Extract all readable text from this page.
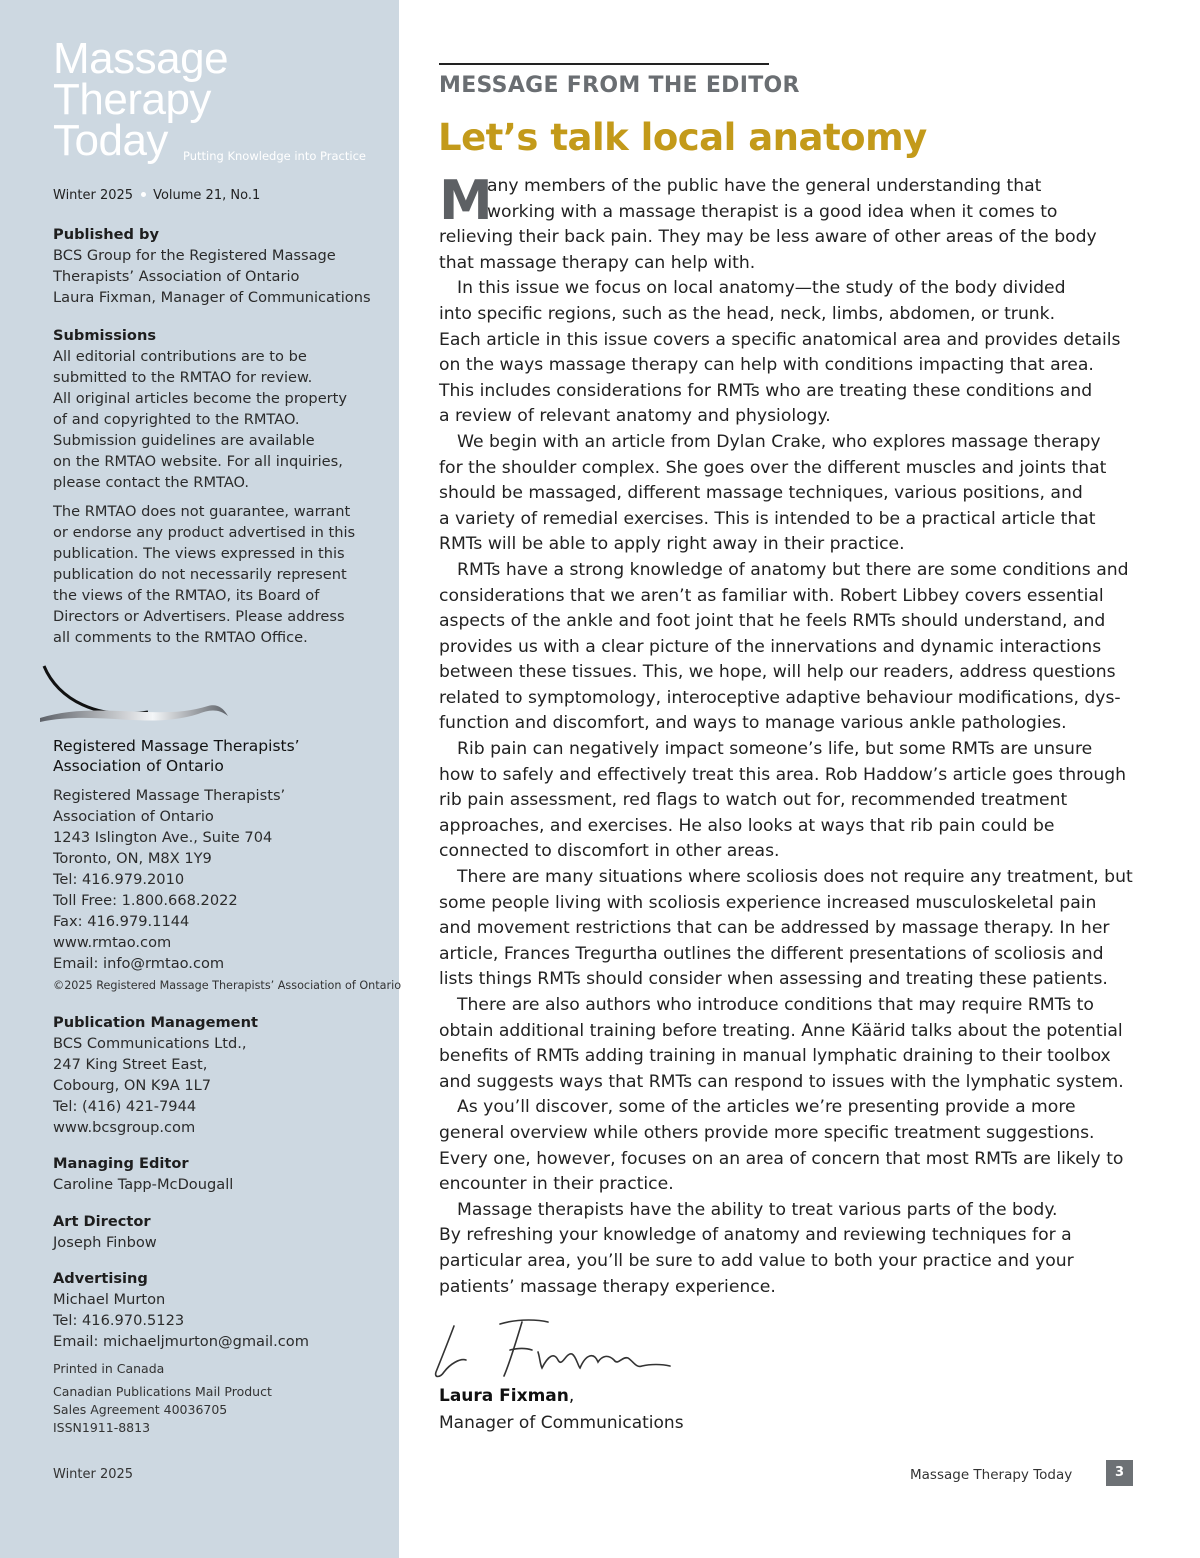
Massage
Therapy
Today	Putting Knowledge into Practice
Winter 2025 Volume 21, No.1

Published by

BCS Group for the Registered Massage

Therapists’ Association of Ontario

Laura Fixman, Manager of Communications

Submissions

All editorial contributions are to be

submitted to the RMTAO for review.

All original articles become the property

of and copyrighted to the RMTAO.

Submission guidelines are available

on the RMTAO website. For all inquiries,

please contact the RMTAO.

The RMTAO does not guarantee, warrant

or endorse any product advertised in this

publication. The views expressed in this

publication do not necessarily represent

the views of the RMTAO, its Board of

Directors or Advertisers. Please address

all comments to the RMTAO Office.

Registered Massage Therapists’
Association of Ontario

Registered Massage Therapists’

Association of Ontario

1243 Islington Ave., Suite 704

Toronto, ON, M8X 1Y9

Tel: 416.979.2010

Toll Free: 1.800.668.2022

Fax: 416.979.1144

www.rmtao.com

Email: info@rmtao.com

©2025 Registered Massage Therapists’ Association of Ontario

Publication Management

BCS Communications Ltd.,

247 King Street East,

Cobourg, ON K9A 1L7

Tel: (416) 421-7944

www.bcsgroup.com

Managing Editor

Caroline Tapp-McDougall

Art Director

Joseph Finbow

Advertising

Michael Murton

Tel: 416.970.5123

Email: michaeljmurton@gmail.com

Printed in Canada

Canadian Publications Mail Product

Sales Agreement 40036705

ISSN1911-8813

Winter 2025
MESSAGE FROM THE EDITOR
Let’s talk local anatomy
M
any members of the public have the general understanding that
working with a massage therapist is a good idea when it comes to
relieving their back pain. They may be less aware of other areas of the body
that massage therapy can help with.
In this issue we focus on local anatomy—the study of the body divided
into specific regions, such as the head, neck, limbs, abdomen, or trunk.
Each article in this issue covers a specific anatomical area and provides details
on the ways massage therapy can help with conditions impacting that area.
This includes considerations for RMTs who are treating these conditions and
a review of relevant anatomy and physiology.
We begin with an article from Dylan Crake, who explores massage therapy
for the shoulder complex. She goes over the different muscles and joints that
should be massaged, different massage techniques, various positions, and
a variety of remedial exercises. This is intended to be a practical article that
RMTs will be able to apply right away in their practice.
RMTs have a strong knowledge of anatomy but there are some conditions and
considerations that we aren’t as familiar with. Robert Libbey covers essential
aspects of the ankle and foot joint that he feels RMTs should understand, and
provides us with a clear picture of the innervations and dynamic interactions
between these tissues. This, we hope, will help our readers, address questions
related to symptomology, interoceptive adaptive behaviour modifications, dys-
function and discomfort, and ways to manage various ankle pathologies.
Rib pain can negatively impact someone’s life, but some RMTs are unsure
how to safely and effectively treat this area. Rob Haddow’s article goes through
rib pain assessment, red flags to watch out for, recommended treatment
approaches, and exercises. He also looks at ways that rib pain could be
connected to discomfort in other areas.
There are many situations where scoliosis does not require any treatment, but
some people living with scoliosis experience increased musculoskeletal pain
and movement restrictions that can be addressed by massage therapy. In her
article, Frances Tregurtha outlines the different presentations of scoliosis and
lists things RMTs should consider when assessing and treating these patients.
There are also authors who introduce conditions that may require RMTs to
obtain additional training before treating. Anne Käärid talks about the potential
benefits of RMTs adding training in manual lymphatic draining to their toolbox
and suggests ways that RMTs can respond to issues with the lymphatic system.
As you’ll discover, some of the articles we’re presenting provide a more
general overview while others provide more specific treatment suggestions.
Every one, however, focuses on an area of concern that most RMTs are likely to
encounter in their practice.
Massage therapists have the ability to treat various parts of the body.
By refreshing your knowledge of anatomy and reviewing techniques for a
particular area, you’ll be sure to add value to both your practice and your
patients’ massage therapy experience.
Laura Fixman,
Manager of Communications
Massage Therapy Today	3
